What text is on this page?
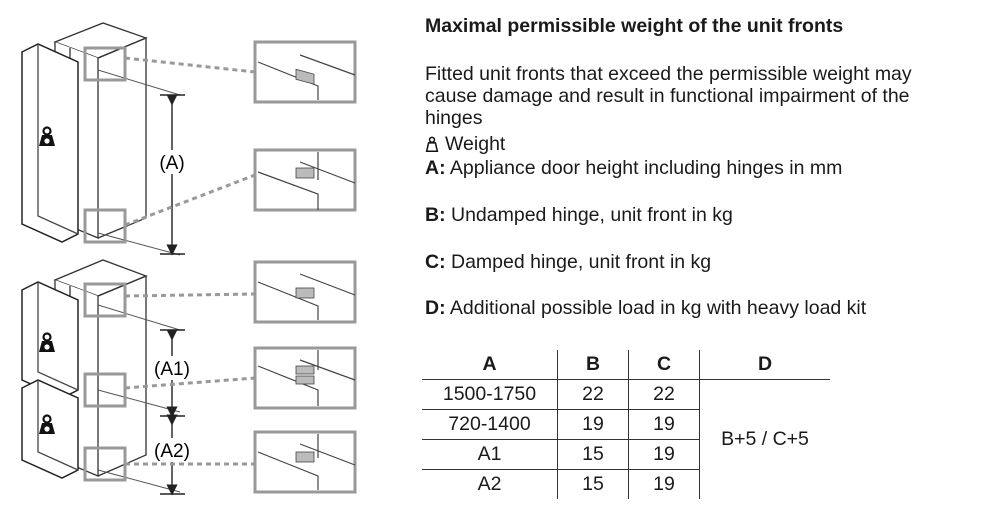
(A)
(A1)
(A2)
Maximal permissible weight of the unit fronts
Fitted unit fronts that exceed the permissible weight may
cause damage and result in functional impairment of the
hinges
Weight
A: Appliance door height including hinges in mm
B: Undamped hinge, unit front in kg
C: Damped hinge, unit front in kg
D: Additional possible load in kg with heavy load kit
A	B	C	D
1500-1750	22	22	B+5 / C+5
720-1400	19	19	
A1	15	19	
A2	15	19	
